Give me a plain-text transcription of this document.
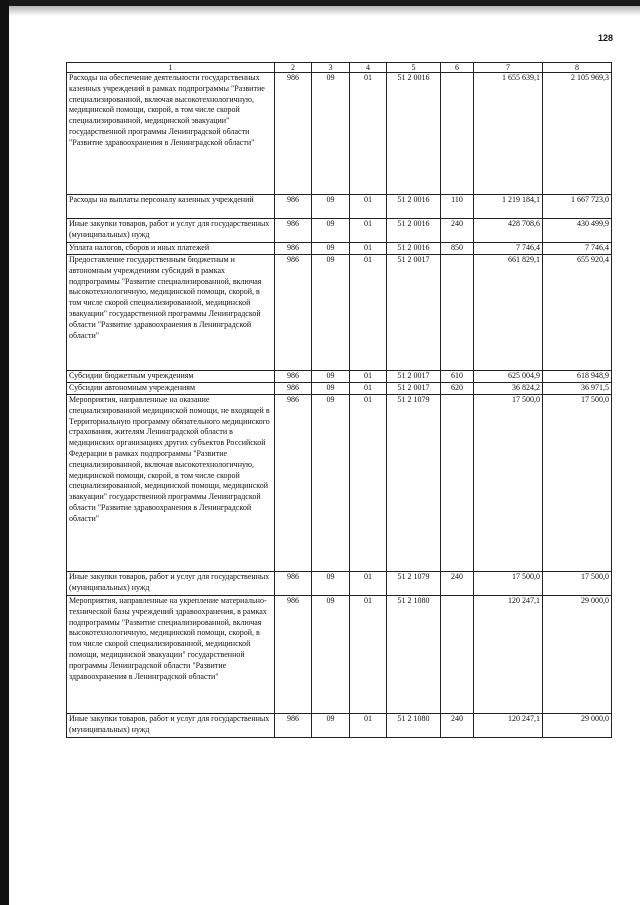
128
1	2	3	4	5	6	7	8
Расходы на обеспечение деятельности государственных казенных учреждений в рамках подпрограммы "Развитие специализированной, включая высокотехнологичную, медицинской помощи, скорой, в том числе скорой специализированной, медицинской эвакуации" государственной программы Ленинградской области "Развитие здравоохранения в Ленинградской области"	986	09	01	51 2 0016		1 655 639,1	2 105 969,3
Расходы на выплаты персоналу казенных учреждений	986	09	01	51 2 0016	110	1 219 184,1	1 667 723,0
Иные закупки товаров, работ и услуг для государственных (муниципальных) нужд	986	09	01	51 2 0016	240	428 708,6	430 499,9
Уплата налогов, сборов и иных платежей	986	09	01	51 2 0016	850	7 746,4	7 746,4
Предоставление государственным бюджетным и автономным учреждениям субсидий в рамках подпрограммы "Развитие специализированной, включая высокотехнологичную, медицинской помощи, скорой, в том числе скорой специализированной, медицинской эвакуации" государственной программы Ленинградской области "Развитие здравоохранения в Ленинградской области"	986	09	01	51 2 0017		661 829,1	655 920,4
Субсидии бюджетным учреждениям	986	09	01	51 2 0017	610	625 004,9	618 948,9
Субсидии автономным учреждениям	986	09	01	51 2 0017	620	36 824,2	36 971,5
Мероприятия, направленные на оказание специализированной медицинской помощи, не входящей в Территориальную программу обязательного медицинского страхования, жителям Ленинградской области в медицинских организациях других субъектов Российской Федерации в рамках подпрограммы "Развитие специализированной, включая высокотехнологичную, медицинской помощи, скорой, в том числе скорой специализированной, медицинской помощи, медицинской эвакуации" государственной программы Ленинградской области "Развитие здравоохранения в Ленинградской области"	986	09	01	51 2 1079		17 500,0	17 500,0
Иные закупки товаров, работ и услуг для государственных (муниципальных) нужд	986	09	01	51 2 1079	240	17 500,0	17 500,0
Мероприятия, направленные на укрепление материально-технической базы учреждений здравоохранения, в рамках подпрограммы "Развитие специализированной, включая высокотехнологичную, медицинской помощи, скорой, в том числе скорой специализированной, медицинской помощи, медицинской эвакуации" государственной программы Ленинградской области "Развитие здравоохранения в Ленинградской области"	986	09	01	51 2 1080		120 247,1	29 000,0
Иные закупки товаров, работ и услуг для государственных (муниципальных) нужд	986	09	01	51 2 1080	240	120 247,1	29 000,0
